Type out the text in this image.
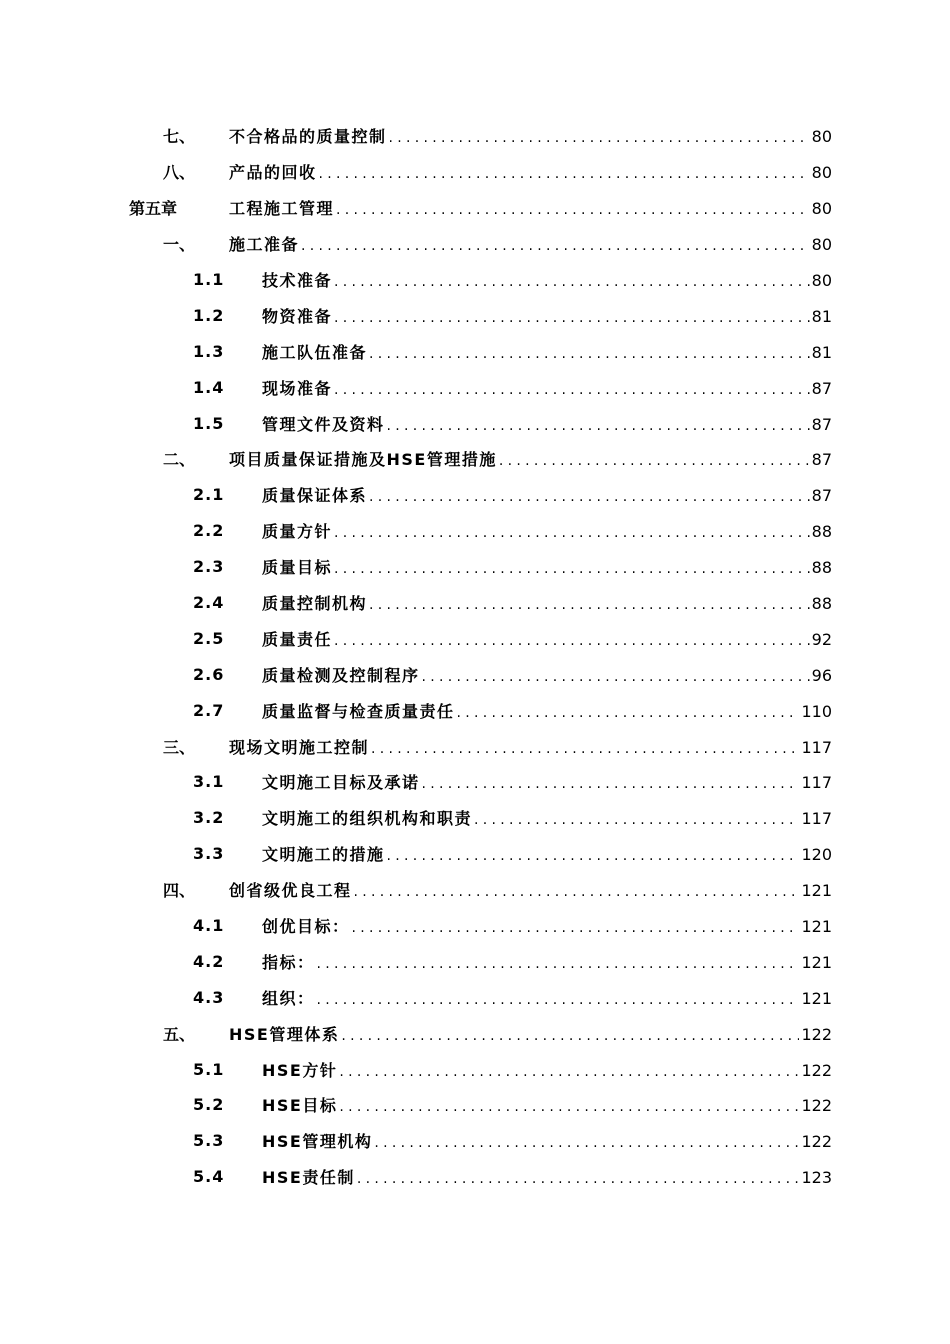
七、 不合格品的质量控制 .....	80
八、 产品的回收 .....	80
第五章	工程施工管理 .....	80
一、 施工准备 .....	80
1.1 技术准备 .....	80
1.2 物资准备 .....	81
1.3 施工队伍准备 .....	81
1.4 现场准备 .....	87
1.5 管理文件及资料 .....	87
二、 项目质量保证措施及HSE管理措施 .....	87
2.1 质量保证体系 .....	87
2.2 质量方针 .....	88
2.3 质量目标 .....	88
2.4 质量控制机构 .....	88
2.5 质量责任 .....	92
2.6 质量检测及控制程序 .....	96
2.7 质量监督与检查质量责任 .....	110
三、 现场文明施工控制 .....	117
3.1 文明施工目标及承诺 .....	117
3.2 文明施工的组织机构和职责 .....	117
3.3 文明施工的措施 .....	120
四、 创省级优良工程 .....	121
4.1 创优目标： .....	121
4.2 指标： .....	121
4.3 组织： .....	121
五、 HSE管理体系 .....	122
5.1 HSE方针 .....	122
5.2 HSE目标 .....	122
5.3 HSE管理机构 .....	122
5.4 HSE责任制 .....	123
